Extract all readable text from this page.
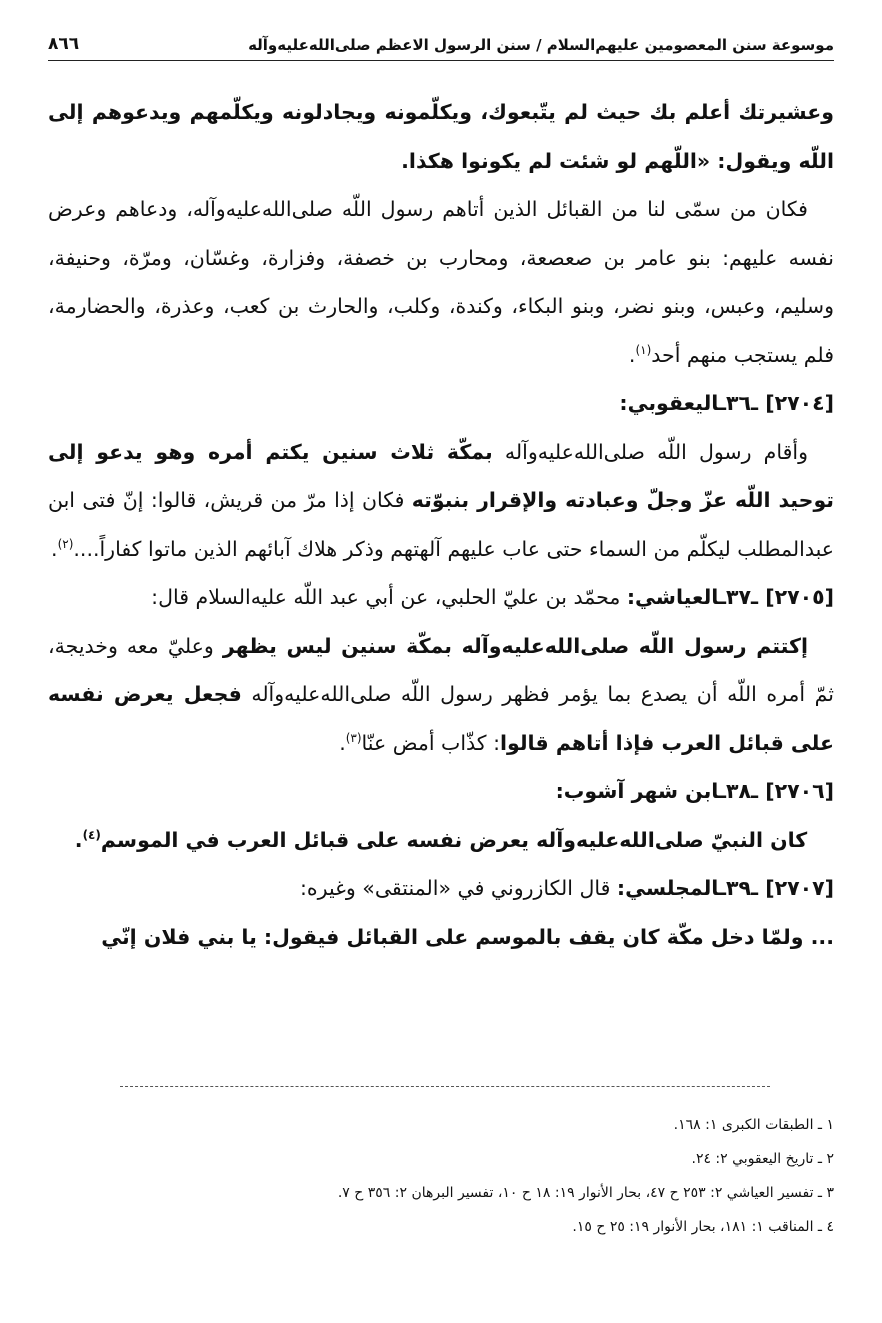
موسوعة سنن المعصومين عليهم‌السلام / سنن الرسول الاعظم صلى‌الله‌عليه‌وآله
٨٦٦

وعشيرتك أعلم بك حيث لم يتّبعوك، ويكلّمونه ويجادلونه ويكلّمهم ويدعوهم إلى اللّه ويقول: «اللّهم لو شئت لم يكونوا هكذا.

فكان من سمّى لنا من القبائل الذين أتاهم رسول اللّه صلى‌الله‌عليه‌وآله، ودعاهم وعرض نفسه عليهم: بنو عامر بن صعصعة، ومحارب بن خصفة، وفزارة، وغسّان، ومرّة، وحنيفة، وسليم، وعبس، وبنو نضر، وبنو البكاء، وكندة، وكلب، والحارث بن كعب، وعذرة، والحضارمة، فلم يستجب منهم أحد$^{(١)}$.

[٢٧٠٤] ـ٣٦ـاليعقوبي:

وأقام رسول اللّه صلى‌الله‌عليه‌وآله بمكّة ثلاث سنين يكتم أمره وهو يدعو إلى توحيد اللّه عزّ وجلّ وعبادته والإقرار بنبوّته فكان إذا مرّ من قريش، قالوا: إنّ فتى ابن عبدالمطلب ليكلّم من السماء حتى عاب عليهم آلهتهم وذكر هلاك آبائهم الذين ماتوا كفاراً....$^{(٢)}$.

[٢٧٠٥] ـ٣٧ـالعياشي: محمّد بن عليّ الحلبي، عن أبي عبد اللّه عليه‌السلام قال:

إكتتم رسول اللّه صلى‌الله‌عليه‌وآله بمكّة سنين ليس يظهر وعليّ معه وخديجة، ثمّ أمره اللّه أن يصدع بما يؤمر فظهر رسول اللّه صلى‌الله‌عليه‌وآله فجعل يعرض نفسه على قبائل العرب فإذا أتاهم قالوا: كذّاب أمض عنّا$^{(٣)}$.

[٢٧٠٦] ـ٣٨ـابن شهر آشوب:

كان النبيّ صلى‌الله‌عليه‌وآله يعرض نفسه على قبائل العرب في الموسم$^{(٤)}$.

[٢٧٠٧] ـ٣٩ـالمجلسي: قال الكازروني في «المنتقى» وغيره:

... ولمّا دخل مكّة كان يقف بالموسم على القبائل فيقول: يا بني فلان إنّي

١ ـ الطبقات الكبرى ١: ١٦٨.
٢ ـ تاريخ اليعقوبي ٢: ٢٤.
٣ ـ تفسير العياشي ٢: ٢٥٣ ح ٤٧، بحار الأنوار ١٩: ١٨ ح ١٠، تفسير البرهان ٢: ٣٥٦ ح ٧.
٤ ـ المناقب ١: ١٨١، بحار الأنوار ١٩: ٢٥ ح ١٥.
